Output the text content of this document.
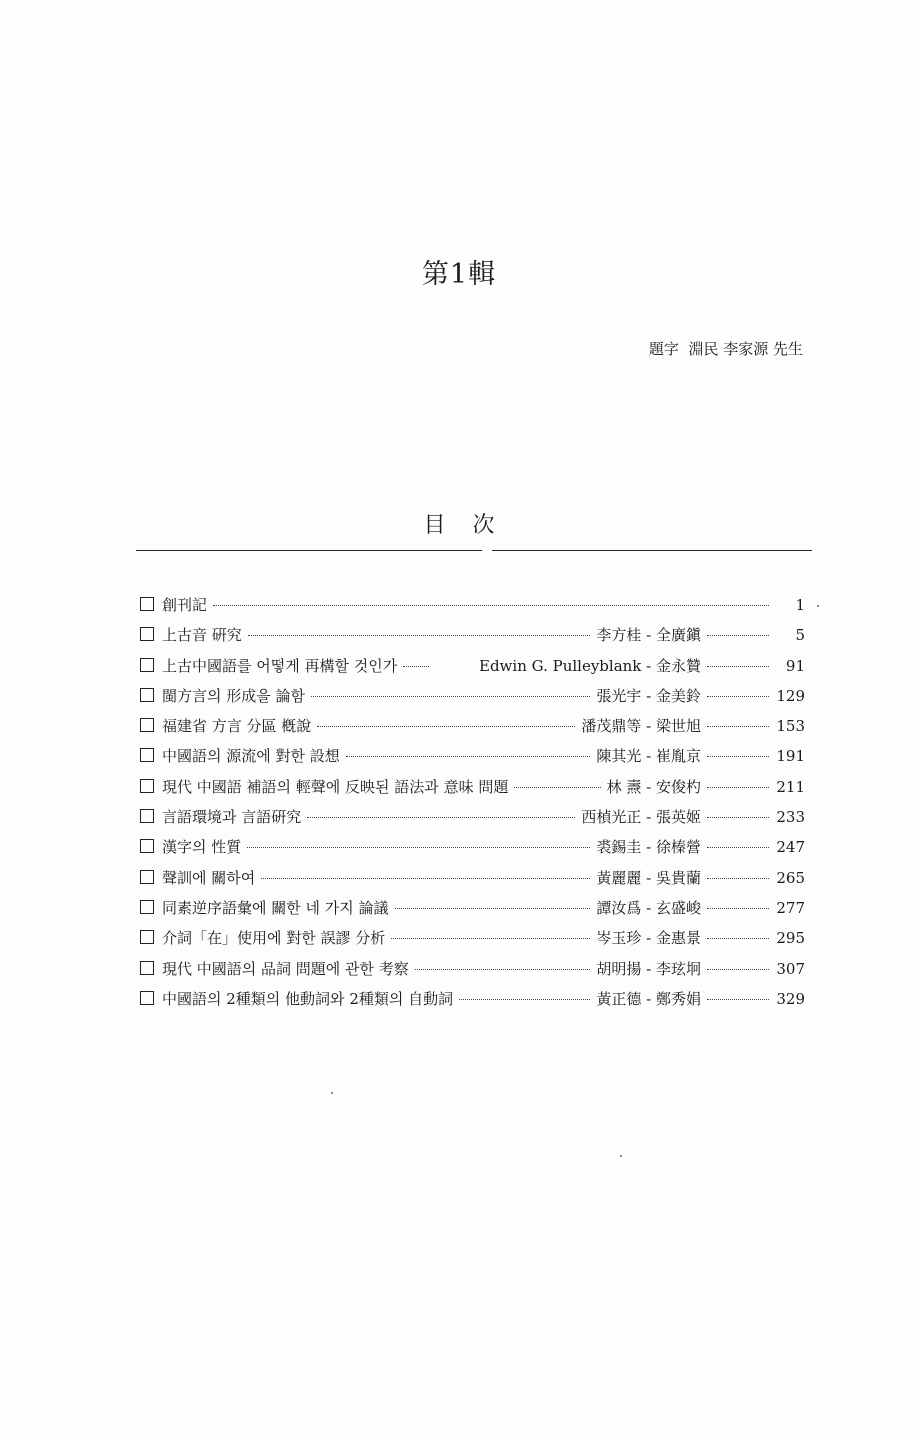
第1輯
題字  淵民 李家源 先生
目 次
創刊記	1
上古音 硏究	李方桂 - 全廣鎭	5
上古中國語를 어떻게 再構할 것인가	Edwin G. Pulleyblank - 金永贊	91
閩方言의 形成을 論함	張光宇 - 金美鈴	129
福建省 方言 分區 槪說	潘茂鼎等 - 梁世旭	153
中國語의 源流에 對한 設想	陳其光 - 崔胤京	191
現代 中國語 補語의 輕聲에 反映된 語法과 意味 問題	林 燾 - 安俊杓	211
言語環境과 言語硏究	西楨光正 - 張英姬	233
漢字의 性質	裘錫圭 - 徐榛營	247
聲訓에 關하여	黃麗麗 - 吳貴蘭	265
同素逆序語彙에 關한 네 가지 論議	譚汝爲 - 玄盛峻	277
介詞「在」使用에 對한 誤謬 分析	岑玉珍 - 金惠景	295
現代 中國語의 品詞 問題에 관한 考察	胡明揚 - 李玹坰	307
中國語의 2種類의 他動詞와 2種類의 自動詞	黃正德 - 鄭秀娟	329
